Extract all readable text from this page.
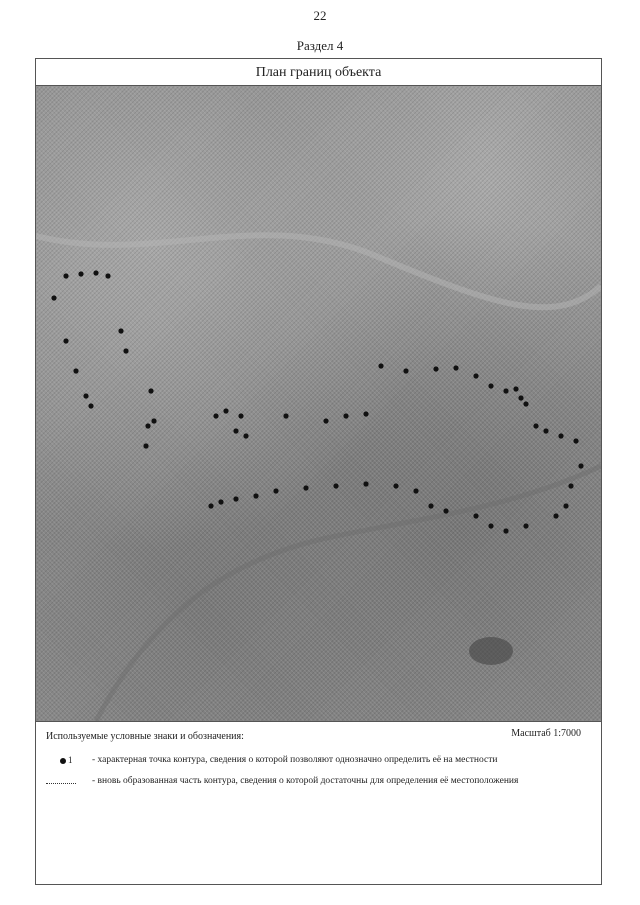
22
Раздел 4
План границ объекта
Используемые условные знаки и обозначения:	Масштаб 1:7000
1	- характерная точка контура, сведения о которой позволяют однозначно определить её на местности
- вновь образованная часть контура, сведения о которой достаточны для определения её местоположения
